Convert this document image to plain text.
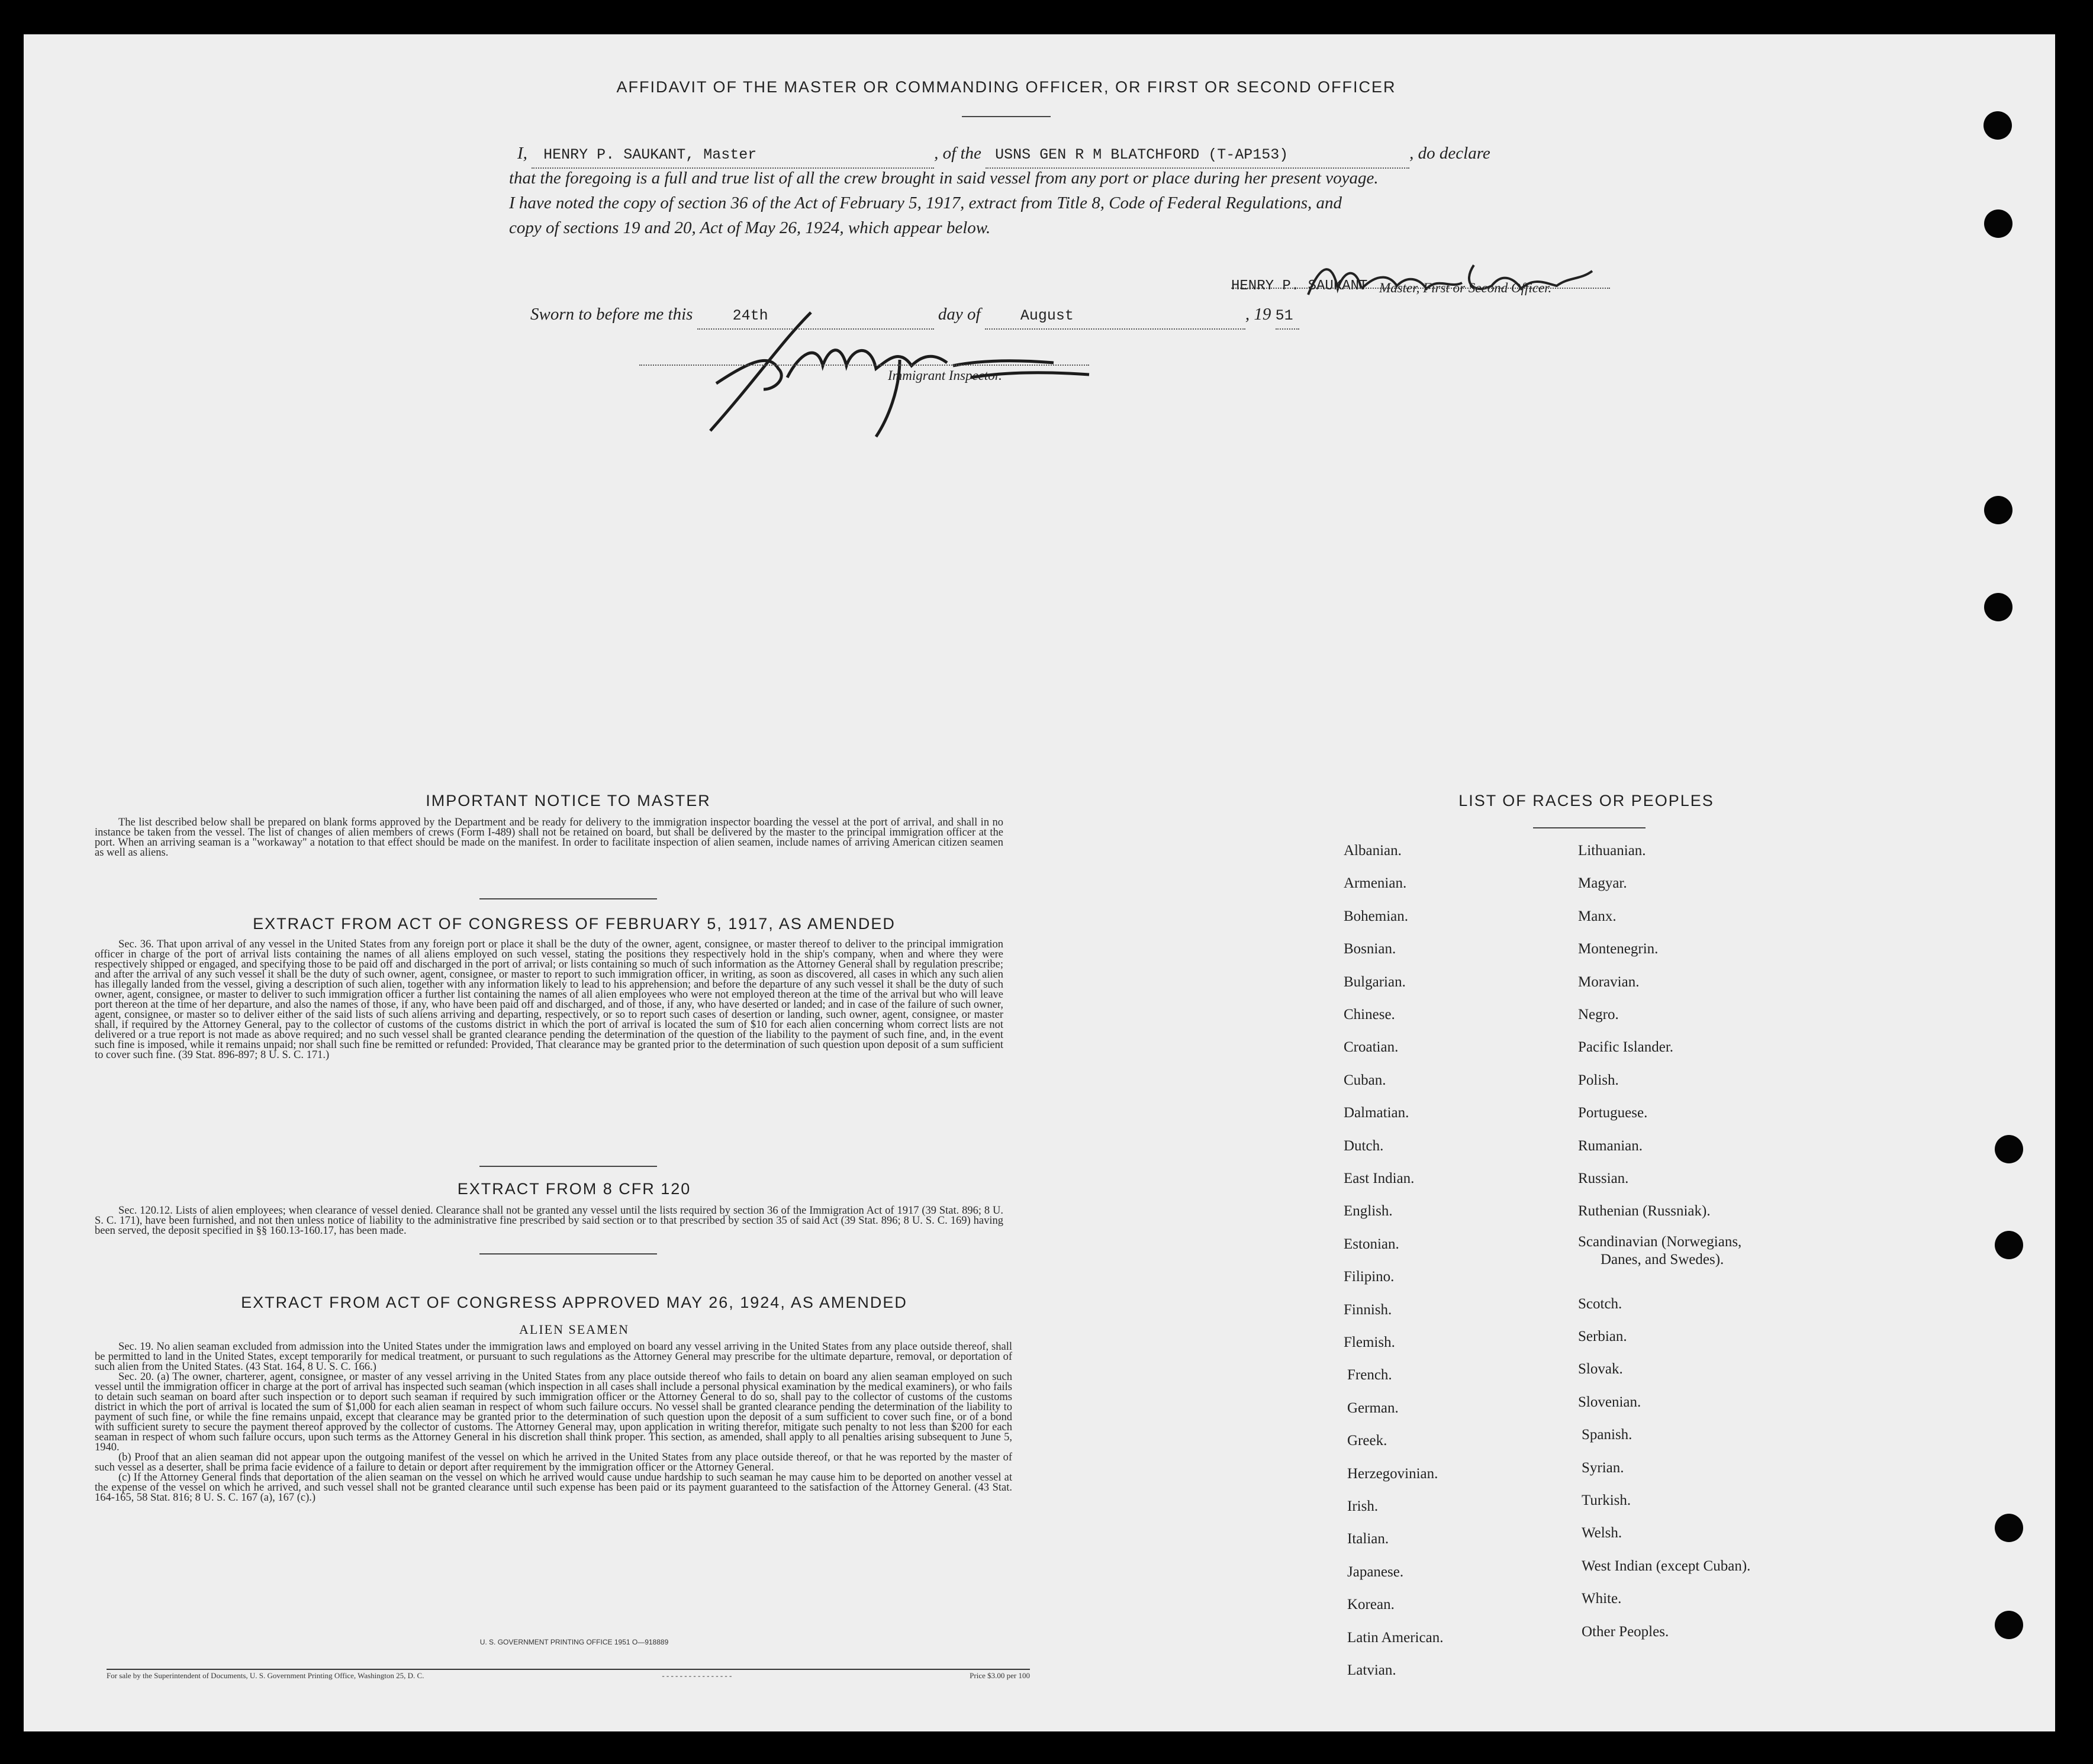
AFFIDAVIT OF THE MASTER OR COMMANDING OFFICER, OR FIRST OR SECOND OFFICER
I, HENRY P. SAUKANT, Master	, of the USNS GEN R M BLATCHFORD (T-AP153)	, do declare
that the foregoing is a full and true list of all the crew brought in said vessel from any port or place during her present voyage.
I have noted the copy of section 36 of the Act of February 5, 1917, extract from Title 8, Code of Federal Regulations, and
copy of sections 19 and 20, Act of May 26, 1924, which appear below.
HENRY P. SAUKANT Master, First or Second Officer.
Sworn to before me this	24th	day of	August	, 19 51
Immigrant Inspector.
IMPORTANT NOTICE TO MASTER
The list described below shall be prepared on blank forms approved by the Department and be ready for delivery to the immigration inspector boarding the vessel at the port of arrival, and shall in no instance be taken from the vessel. The list of changes of alien members of crews (Form I-489) shall not be retained on board, but shall be delivered by the master to the principal immigration officer at the port. When an arriving seaman is a "workaway" a notation to that effect should be made on the manifest. In order to facilitate inspection of alien seamen, include names of arriving American citizen seamen as well as aliens.
EXTRACT FROM ACT OF CONGRESS OF FEBRUARY 5, 1917, AS AMENDED
Sec. 36. That upon arrival of any vessel in the United States from any foreign port or place it shall be the duty of the owner, agent, consignee, or master thereof to deliver to the principal immigration officer in charge of the port of arrival lists containing the names of all aliens employed on such vessel, stating the positions they respectively hold in the ship's company, when and where they were respectively shipped or engaged, and specifying those to be paid off and discharged in the port of arrival; or lists containing so much of such information as the Attorney General shall by regulation prescribe; and after the arrival of any such vessel it shall be the duty of such owner, agent, consignee, or master to report to such immigration officer, in writing, as soon as discovered, all cases in which any such alien has illegally landed from the vessel, giving a description of such alien, together with any information likely to lead to his apprehension; and before the departure of any such vessel it shall be the duty of such owner, agent, consignee, or master to deliver to such immigration officer a further list containing the names of all alien employees who were not employed thereon at the time of the arrival but who will leave port thereon at the time of her departure, and also the names of those, if any, who have been paid off and discharged, and of those, if any, who have deserted or landed; and in case of the failure of such owner, agent, consignee, or master so to deliver either of the said lists of such aliens arriving and departing, respectively, or so to report such cases of desertion or landing, such owner, agent, consignee, or master shall, if required by the Attorney General, pay to the collector of customs of the customs district in which the port of arrival is located the sum of $10 for each alien concerning whom correct lists are not delivered or a true report is not made as above required; and no such vessel shall be granted clearance pending the determination of the question of the liability to the payment of such fine, and, in the event such fine is imposed, while it remains unpaid; nor shall such fine be remitted or refunded: Provided, That clearance may be granted prior to the determination of such question upon deposit of a sum sufficient to cover such fine. (39 Stat. 896-897; 8 U. S. C. 171.)
EXTRACT FROM 8 CFR 120
Sec. 120.12. Lists of alien employees; when clearance of vessel denied. Clearance shall not be granted any vessel until the lists required by section 36 of the Immigration Act of 1917 (39 Stat. 896; 8 U. S. C. 171), have been furnished, and not then unless notice of liability to the administrative fine prescribed by said section or to that prescribed by section 35 of said Act (39 Stat. 896; 8 U. S. C. 169) having been served, the deposit specified in §§ 160.13-160.17, has been made.
EXTRACT FROM ACT OF CONGRESS APPROVED MAY 26, 1924, AS AMENDED
ALIEN SEAMEN
Sec. 19. No alien seaman excluded from admission into the United States under the immigration laws and employed on board any vessel arriving in the United States from any place outside thereof, shall be permitted to land in the United States, except temporarily for medical treatment, or pursuant to such regulations as the Attorney General may prescribe for the ultimate departure, removal, or deportation of such alien from the United States. (43 Stat. 164, 8 U. S. C. 166.)
Sec. 20. (a) The owner, charterer, agent, consignee, or master of any vessel arriving in the United States from any place outside thereof who fails to detain on board any alien seaman employed on such vessel until the immigration officer in charge at the port of arrival has inspected such seaman (which inspection in all cases shall include a personal physical examination by the medical examiners), or who fails to detain such seaman on board after such inspection or to deport such seaman if required by such immigration officer or the Attorney General to do so, shall pay to the collector of customs of the customs district in which the port of arrival is located the sum of $1,000 for each alien seaman in respect of whom such failure occurs. No vessel shall be granted clearance pending the determination of the liability to payment of such fine, or while the fine remains unpaid, except that clearance may be granted prior to the determination of such question upon the deposit of a sum sufficient to cover such fine, or of a bond with sufficient surety to secure the payment thereof approved by the collector of customs. The Attorney General may, upon application in writing therefor, mitigate such penalty to not less than $200 for each seaman in respect of whom such failure occurs, upon such terms as the Attorney General in his discretion shall think proper. This section, as amended, shall apply to all penalties arising subsequent to June 5, 1940.
(b) Proof that an alien seaman did not appear upon the outgoing manifest of the vessel on which he arrived in the United States from any place outside thereof, or that he was reported by the master of such vessel as a deserter, shall be prima facie evidence of a failure to detain or deport after requirement by the immigration officer or the Attorney General.
(c) If the Attorney General finds that deportation of the alien seaman on the vessel on which he arrived would cause undue hardship to such seaman he may cause him to be deported on another vessel at the expense of the vessel on which he arrived, and such vessel shall not be granted clearance until such expense has been paid or its payment guaranteed to the satisfaction of the Attorney General. (43 Stat. 164-165, 58 Stat. 816; 8 U. S. C. 167 (a), 167 (c).)
U. S. GOVERNMENT PRINTING OFFICE 1951 O—918889
For sale by the Superintendent of Documents, U. S. Government Printing Office, Washington 25, D. C.	- - - - - - - - - - - - - - - -	Price $3.00 per 100
LIST OF RACES OR PEOPLES
Albanian.
Armenian.
Bohemian.
Bosnian.
Bulgarian.
Chinese.
Croatian.
Cuban.
Dalmatian.
Dutch.
East Indian.
English.
Estonian.
Filipino.
Finnish.
Flemish.
French.
German.
Greek.
Herzegovinian.
Irish.
Italian.
Japanese.
Korean.
Latin American.
Latvian.
Lithuanian.
Magyar.
Manx.
Montenegrin.
Moravian.
Negro.
Pacific Islander.
Polish.
Portuguese.
Rumanian.
Russian.
Ruthenian (Russniak).
Scandinavian (Norwegians,
Danes, and Swedes).
Scotch.
Serbian.
Slovak.
Slovenian.
Spanish.
Syrian.
Turkish.
Welsh.
West Indian (except Cuban).
White.
Other Peoples.
